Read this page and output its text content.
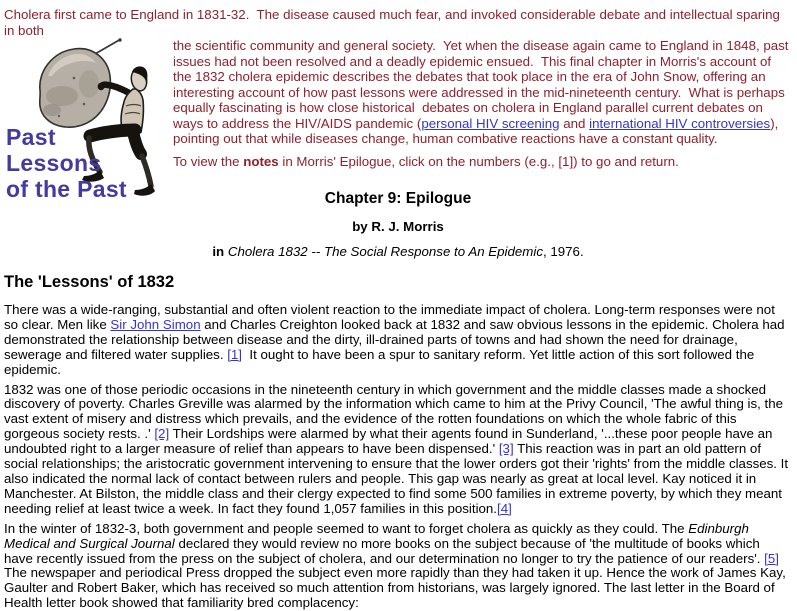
Cholera first came to England in 1831-32.  The disease caused much fear, and invoked considerable debate and intellectual sparing in both
Past
Lessons
of the Past
the scientific community and general society.  Yet when the disease again came to England in 1848, past issues had not been resolved and a deadly epidemic ensued.  This final chapter in Morris's account of the 1832 cholera epidemic describes the debates that took place in the era of John Snow, offering an interesting account of how past lessons were addressed in the mid-nineteenth century.  What is perhaps equally fascinating is how close historical  debates on cholera in England parallel current debates on ways to address the HIV/AIDS pandemic (personal HIV screening and international HIV controversies), pointing out that while diseases change, human combative reactions have a constant quality.
To view the notes in Morris' Epilogue, click on the numbers (e.g., [1]) to go and return.
Chapter 9: Epilogue
by R. J. Morris
in Cholera 1832 -- The Social Response to An Epidemic, 1976.
The 'Lessons' of 1832
There was a wide-ranging, substantial and often violent reaction to the immediate impact of cholera. Long-term responses were not so clear. Men like Sir John Simon and Charles Creighton looked back at 1832 and saw obvious lessons in the epidemic. Cholera had demonstrated the relationship between disease and the dirty, ill-drained parts of towns and had shown the need for drainage, sewerage and filtered water supplies. [1]  It ought to have been a spur to sanitary reform. Yet little action of this sort followed the epidemic.
1832 was one of those periodic occasions in the nineteenth century in which government and the middle classes made a shocked discovery of poverty. Charles Greville was alarmed by the information which came to him at the Privy Council, 'The awful thing is, the vast extent of misery and distress which prevails, and the evidence of the rotten foundations on which the whole fabric of this gorgeous society rests. .' [2] Their Lordships were alarmed by what their agents found in Sunderland, '...these poor people have an undoubted right to a larger measure of relief than appears to have been dispensed.' [3] This reaction was in part an old pattern of social relationships; the aristocratic government intervening to ensure that the lower orders got their 'rights' from the middle classes. It also indicated the normal lack of contact between rulers and people. This gap was nearly as great at local level. Kay noticed it in Manchester. At Bilston, the middle class and their clergy expected to find some 500 families in extreme poverty, by which they meant needing relief at least twice a week. In fact they found 1,057 families in this position.[4]
In the winter of 1832-3, both government and people seemed to want to forget cholera as quickly as they could. The Edinburgh Medical and Surgical Journal declared they would review no more books on the subject because of 'the multitude of books which have recently issued from the press on the subject of cholera, and our determination no longer to try the patience of our readers'. [5] The newspaper and periodical Press dropped the subject even more rapidly than they had taken it up. Hence the work of James Kay, Gaulter and Robert Baker, which has received so much attention from historians, was largely ignored. The last letter in the Board of Health letter book showed that familiarity bred complacency:
